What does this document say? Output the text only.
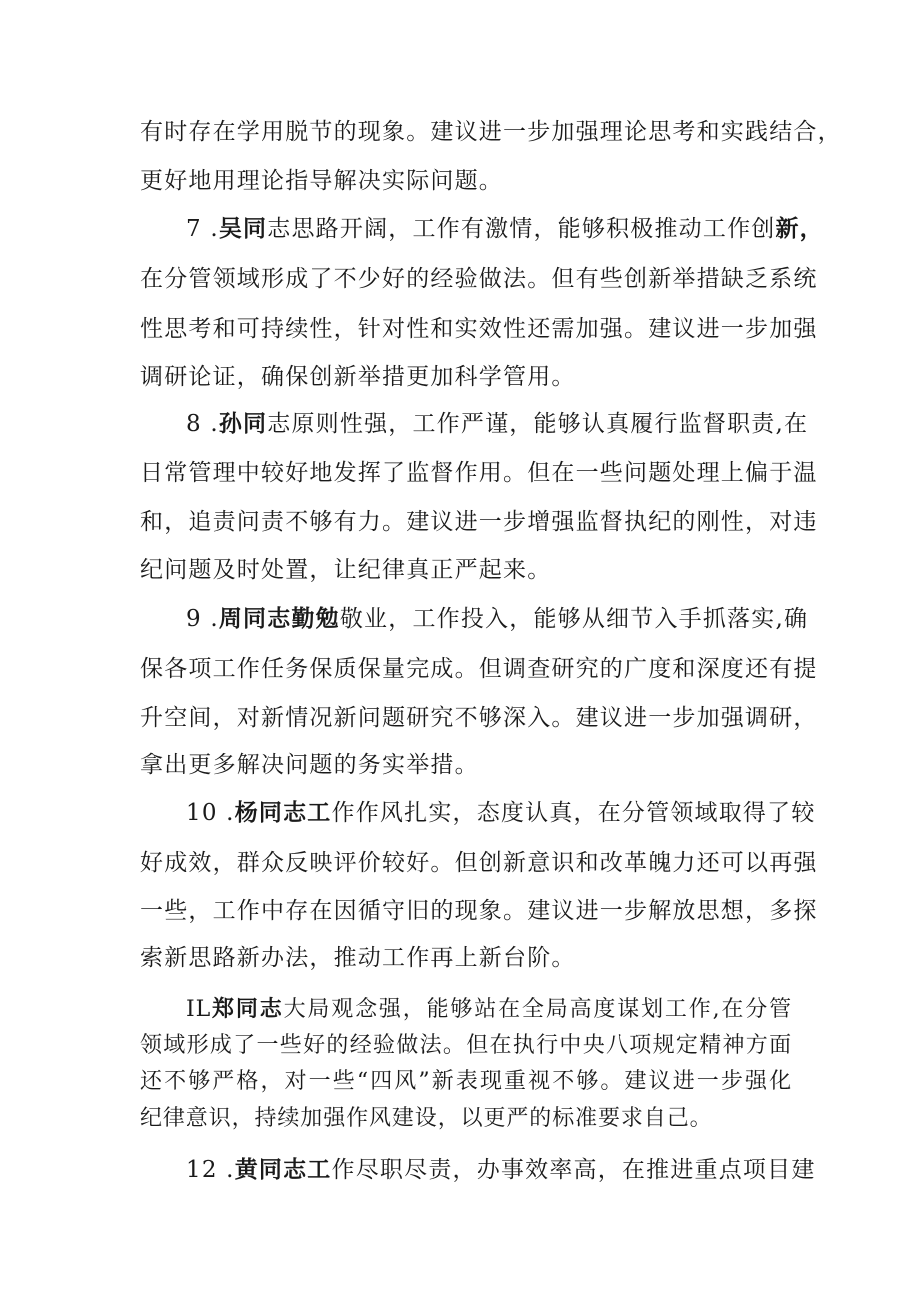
有时存在学用脱节的现象。建议进一步加强理论思考和实践结合，
更好地用理论指导解决实际问题。
7 .吴同志思路开阔，工作有激情，能够积极推动工作创新，
在分管领域形成了不少好的经验做法。但有些创新举措缺乏系统
性思考和可持续性，针对性和实效性还需加强。建议进一步加强
调研论证，确保创新举措更加科学管用。
8 .孙同志原则性强，工作严谨，能够认真履行监督职责,在
日常管理中较好地发挥了监督作用。但在一些问题处理上偏于温
和，追责问责不够有力。建议进一步增强监督执纪的刚性，对违
纪问题及时处置，让纪律真正严起来。
9 .周同志勤勉敬业，工作投入，能够从细节入手抓落实,确
保各项工作任务保质保量完成。但调查研究的广度和深度还有提
升空间，对新情况新问题研究不够深入。建议进一步加强调研，
拿出更多解决问题的务实举措。
10 .杨同志工作作风扎实，态度认真，在分管领域取得了较
好成效，群众反映评价较好。但创新意识和改革魄力还可以再强
一些，工作中存在因循守旧的现象。建议进一步解放思想，多探
索新思路新办法，推动工作再上新台阶。
IL郑同志大局观念强，能够站在全局高度谋划工作,在分管
领域形成了一些好的经验做法。但在执行中央八项规定精神方面
还不够严格，对一些“四风”新表现重视不够。建议进一步强化
纪律意识，持续加强作风建设，以更严的标准要求自己。
12 .黄同志工作尽职尽责，办事效率高，在推进重点项目建
